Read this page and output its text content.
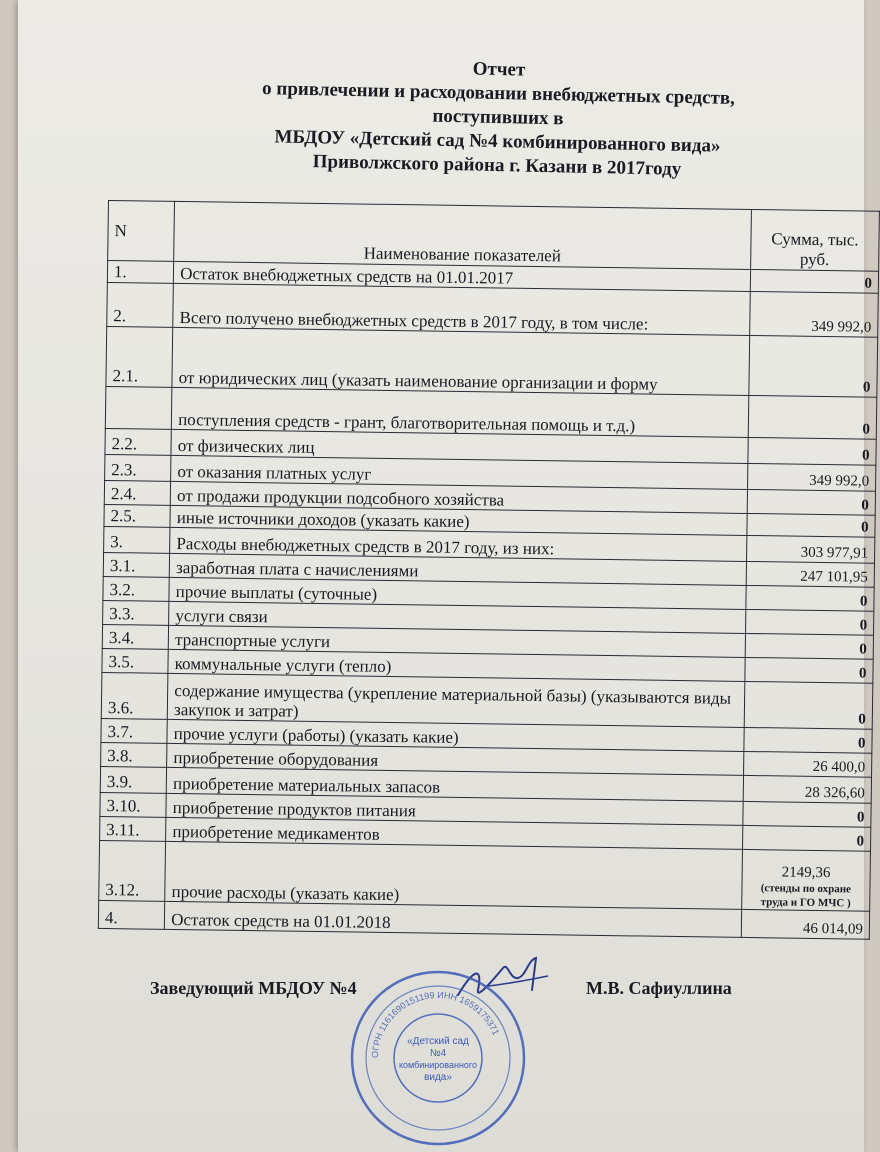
Отчет
о привлечении и расходовании внебюджетных средств,
поступивших в
МБДОУ «Детский сад №4 комбинированного вида»
Приволжского района г. Казани в 2017году
N	Наименование показателей	Сумма, тыс. руб.
1.	Остаток внебюджетных средств на 01.01.2017	0
2.	Всего получено внебюджетных средств в 2017 году, в том числе:	349 992,0
2.1.	от юридических лиц (указать наименование организации и форму	0
	поступления средств - грант, благотворительная помощь и т.д.)	0
2.2.	от физических лиц	0
2.3.	от оказания платных услуг	349 992,0
2.4.	от продажи продукции подсобного хозяйства	0
2.5.	иные источники доходов (указать какие)	0
3.	Расходы внебюджетных средств в 2017 году, из них:	303 977,91
3.1.	заработная плата с начислениями	247 101,95
3.2.	прочие выплаты (суточные)	0
3.3.	услуги связи	0
3.4.	транспортные услуги	0
3.5.	коммунальные услуги (тепло)	0
3.6.	содержание имущества (укрепление материальной базы) (указываются виды закупок и затрат)	0
3.7.	прочие услуги (работы) (указать какие)	0
3.8.	приобретение оборудования	26 400,0
3.9.	приобретение материальных запасов	28 326,60
3.10.	приобретение продуктов питания	0
3.11.	приобретение медикаментов	0
3.12.	прочие расходы (указать какие)	2149,36
(стенды по охране труда и ГО МЧС )

4.	Остаток средств на 01.01.2018	46 014,09
Заведующий МБДОУ №4	М.В. Сафиуллина
ОГРН 1161690151199 ИНН 1659175371
«Детский сад
№4
комбинированного
вида»
